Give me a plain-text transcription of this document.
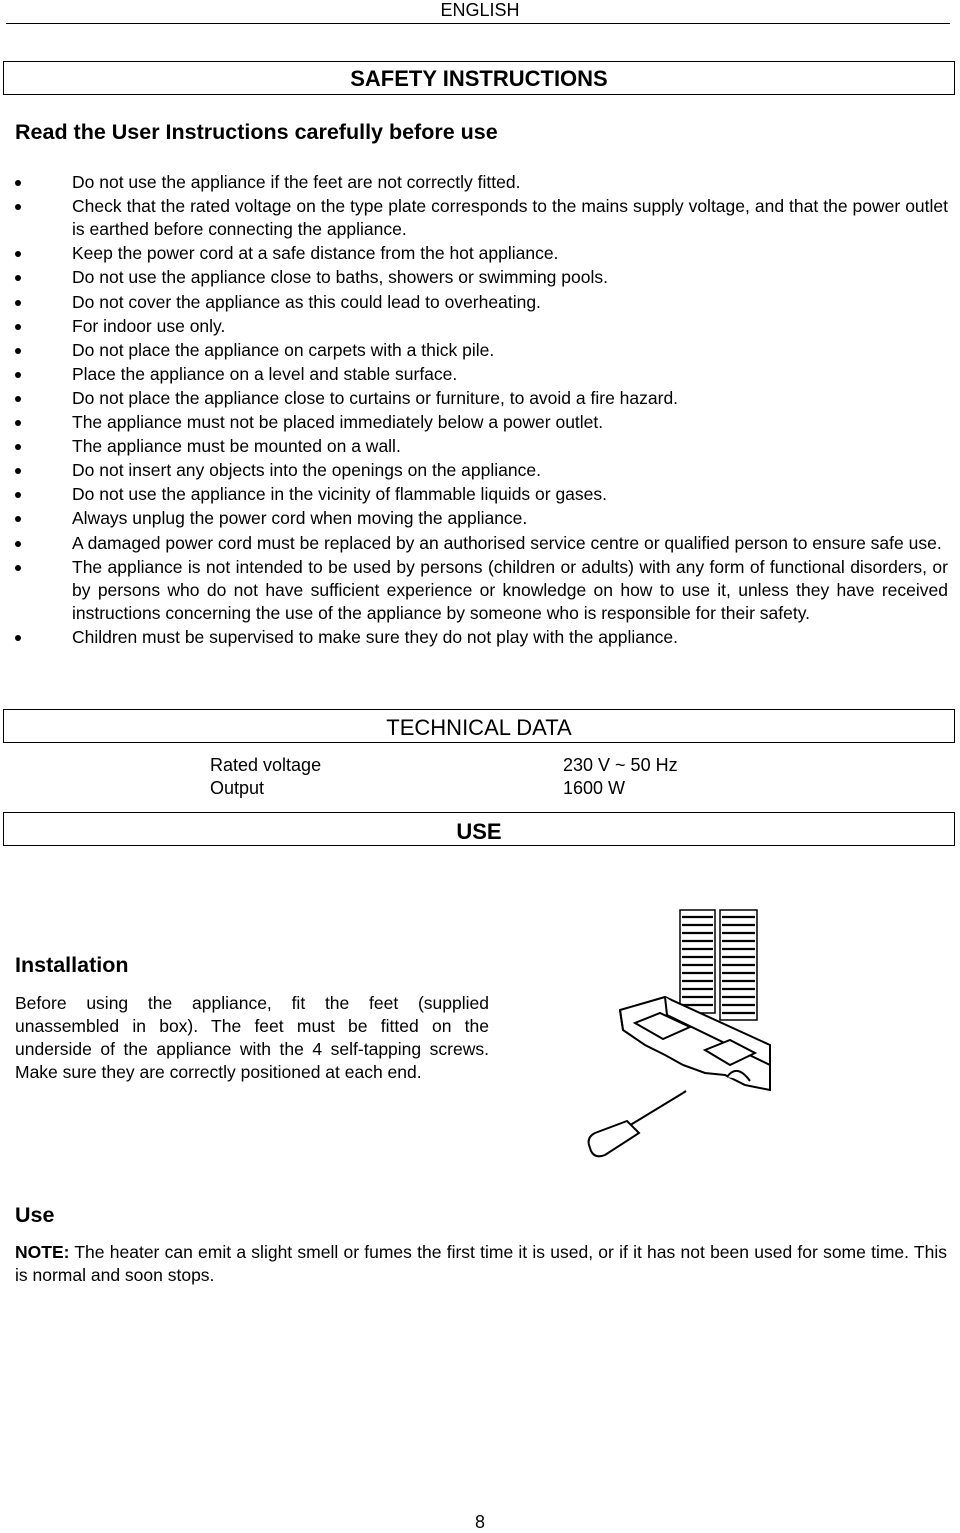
ENGLISH
SAFETY INSTRUCTIONS
Read the User Instructions carefully before use
Do not use the appliance if the feet are not correctly fitted.
Check that the rated voltage on the type plate corresponds to the mains supply voltage, and that the power outlet is earthed before connecting the appliance.
Keep the power cord at a safe distance from the hot appliance.
Do not use the appliance close to baths, showers or swimming pools.
Do not cover the appliance as this could lead to overheating.
For indoor use only.
Do not place the appliance on carpets with a thick pile.
Place the appliance on a level and stable surface.
Do not place the appliance close to curtains or furniture, to avoid a fire hazard.
The appliance must not be placed immediately below a power outlet.
The appliance must be mounted on a wall.
Do not insert any objects into the openings on the appliance.
Do not use the appliance in the vicinity of flammable liquids or gases.
Always unplug the power cord when moving the appliance.
A damaged power cord must be replaced by an authorised service centre or qualified person to ensure safe use.
The appliance is not intended to be used by persons (children or adults) with any form of functional disorders, or by persons who do not have sufficient experience or knowledge on how to use it, unless they have received instructions concerning the use of the appliance by someone who is responsible for their safety.
Children must be supervised to make sure they do not play with the appliance.
TECHNICAL DATA
Rated voltage	230 V ~ 50 Hz
Output	1600 W
USE
Installation
Before using the appliance, fit the feet (supplied unassembled in box). The feet must be fitted on the underside of the appliance with the 4 self-tapping screws. Make sure they are correctly positioned at each end.
Use
NOTE: The heater can emit a slight smell or fumes the first time it is used, or if it has not been used for some time. This is normal and soon stops.
8
